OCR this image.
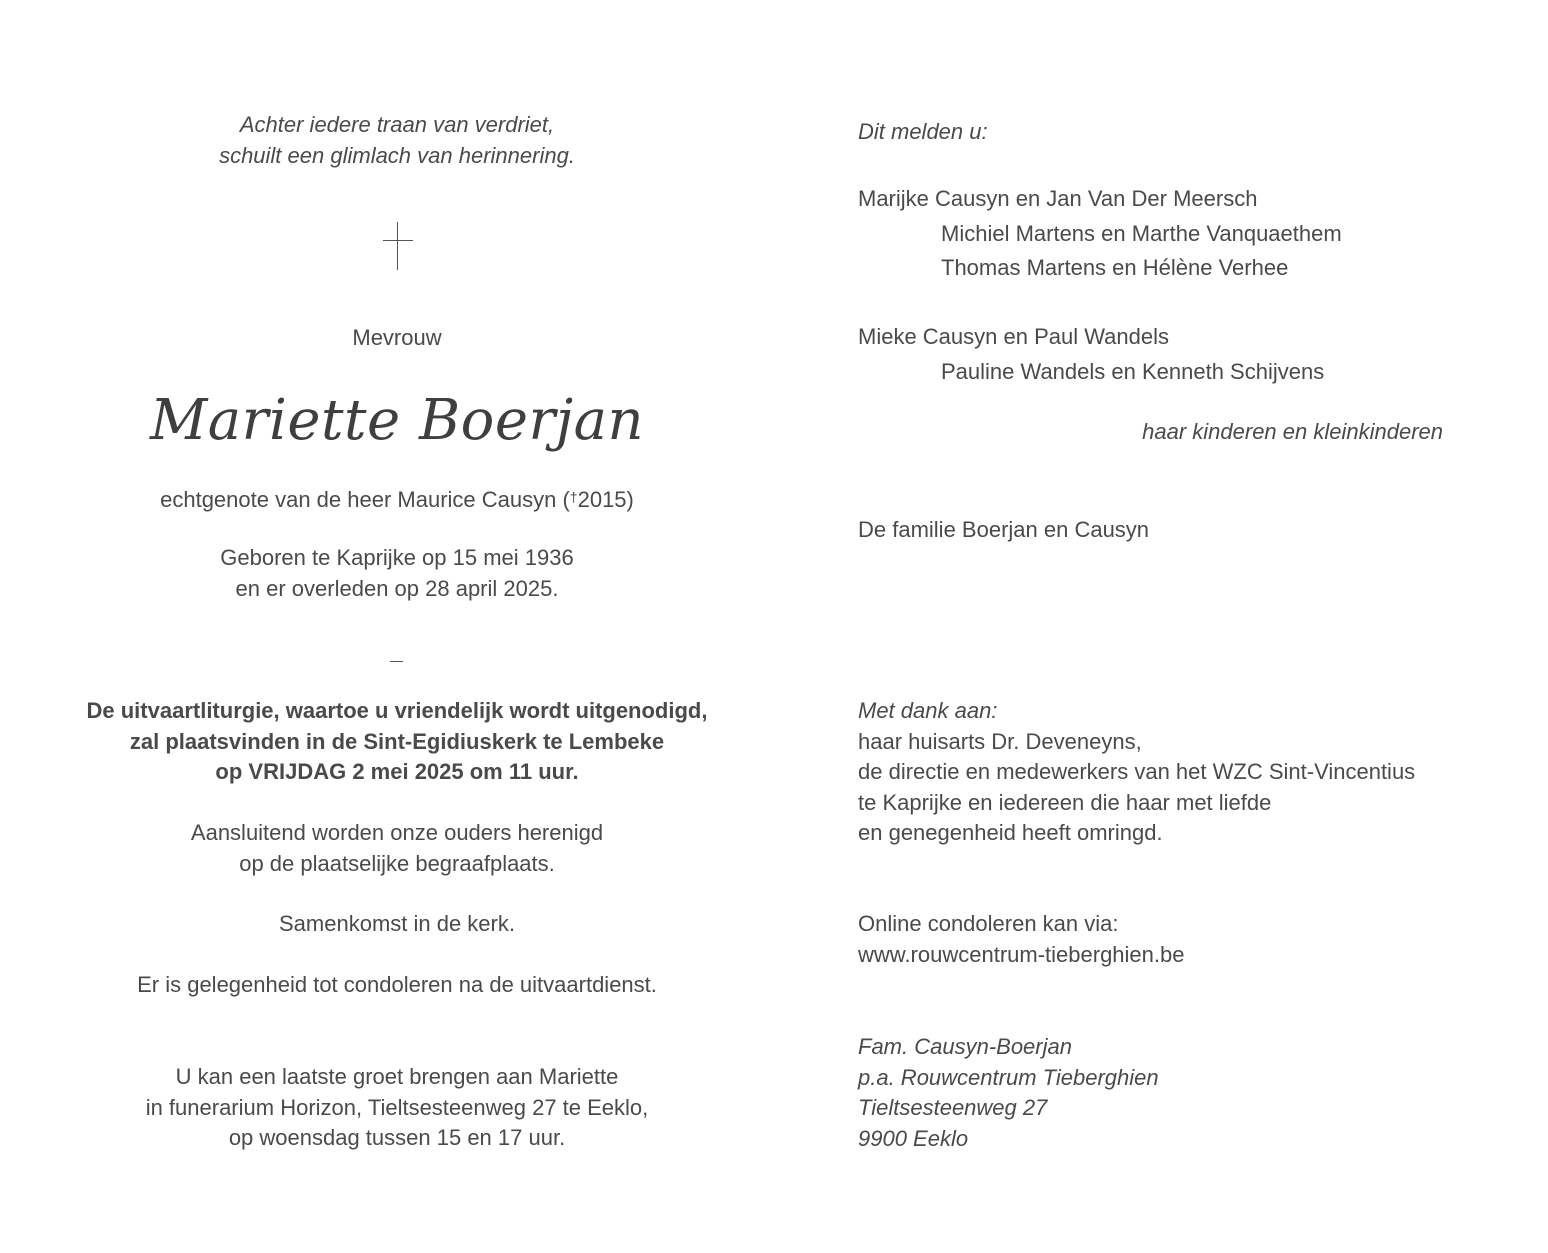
Achter iedere traan van verdriet,
schuilt een glimlach van herinnering.
Mevrouw
Mariette Boerjan
echtgenote van de heer Maurice Causyn (†2015)
Geboren te Kaprijke op 15 mei 1936
en er overleden op 28 april 2025.
De uitvaartliturgie, waartoe u vriendelijk wordt uitgenodigd,
zal plaatsvinden in de Sint-Egidiuskerk te Lembeke
op VRIJDAG 2 mei 2025 om 11 uur.
Aansluitend worden onze ouders herenigd
op de plaatselijke begraafplaats.
Samenkomst in de kerk.
Er is gelegenheid tot condoleren na de uitvaartdienst.
U kan een laatste groet brengen aan Mariette
in funerarium Horizon, Tieltsesteenweg 27 te Eeklo,
op woensdag tussen 15 en 17 uur.
Dit melden u:
Marijke Causyn en Jan Van Der Meersch
Michiel Martens en Marthe Vanquaethem
Thomas Martens en Hélène Verhee
Mieke Causyn en Paul Wandels
Pauline Wandels en Kenneth Schijvens
haar kinderen en kleinkinderen
De familie Boerjan en Causyn
Met dank aan:
haar huisarts Dr. Deveneyns,
de directie en medewerkers van het WZC Sint-Vincentius
te Kaprijke en iedereen die haar met liefde
en genegenheid heeft omringd.
Online condoleren kan via:
www.rouwcentrum-tieberghien.be
Fam. Causyn-Boerjan
p.a. Rouwcentrum Tieberghien
Tieltsesteenweg 27
9900 Eeklo
